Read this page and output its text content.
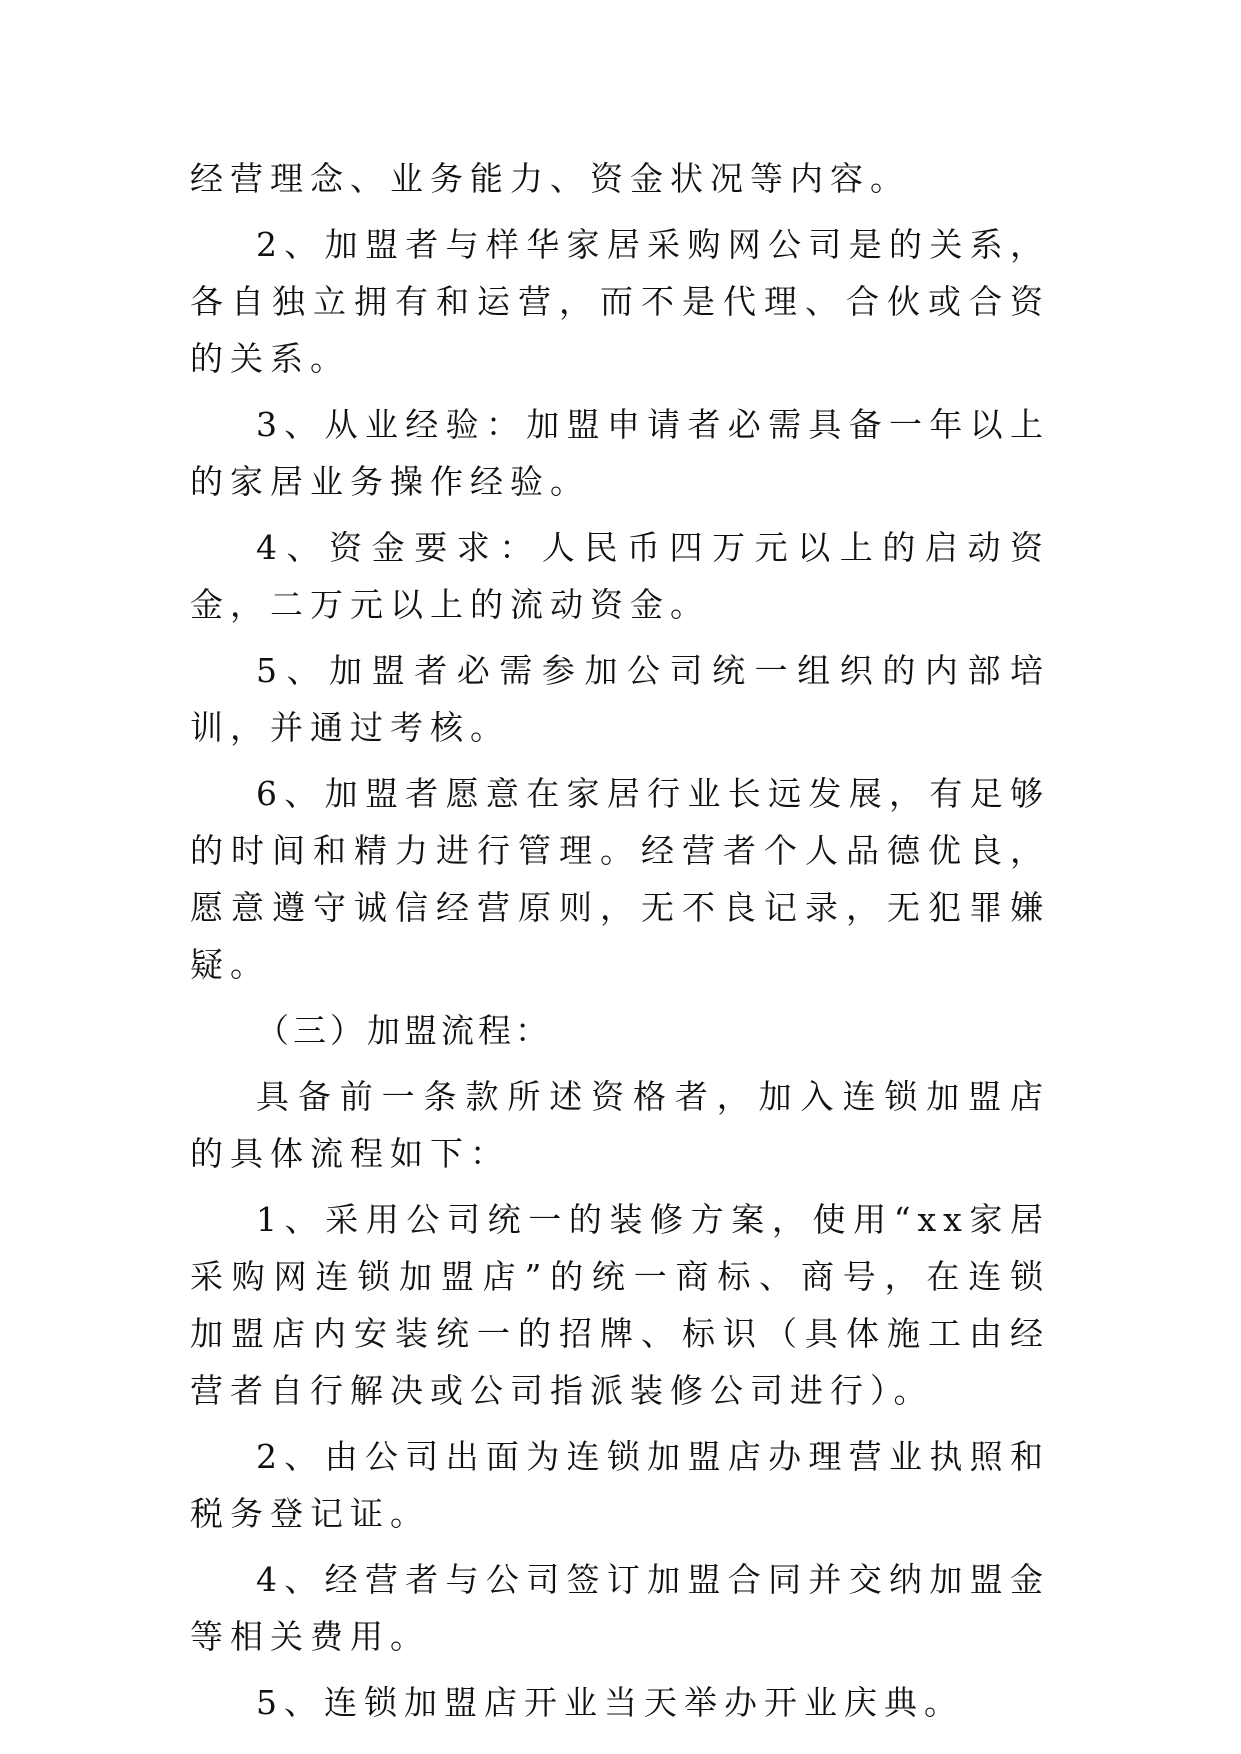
经营理念、业务能力、资金状况等内容。

2、加盟者与样华家居采购网公司是的关系，各自独立拥有和运营，而不是代理、合伙或合资的关系。

3、从业经验：加盟申请者必需具备一年以上的家居业务操作经验。

4、资金要求：人民币四万元以上的启动资金，二万元以上的流动资金。

5、加盟者必需参加公司统一组织的内部培训，并通过考核。

6、加盟者愿意在家居行业长远发展，有足够的时间和精力进行管理。经营者个人品德优良，愿意遵守诚信经营原则，无不良记录，无犯罪嫌疑。

（三）加盟流程：

具备前一条款所述资格者，加入连锁加盟店的具体流程如下：

1、采用公司统一的装修方案，使用“xx家居采购网连锁加盟店”的统一商标、商号，在连锁加盟店内安装统一的招牌、标识（具体施工由经营者自行解决或公司指派装修公司进行）。

2、由公司出面为连锁加盟店办理营业执照和税务登记证。

4、经营者与公司签订加盟合同并交纳加盟金等相关费用。

5、连锁加盟店开业当天举办开业庆典。
